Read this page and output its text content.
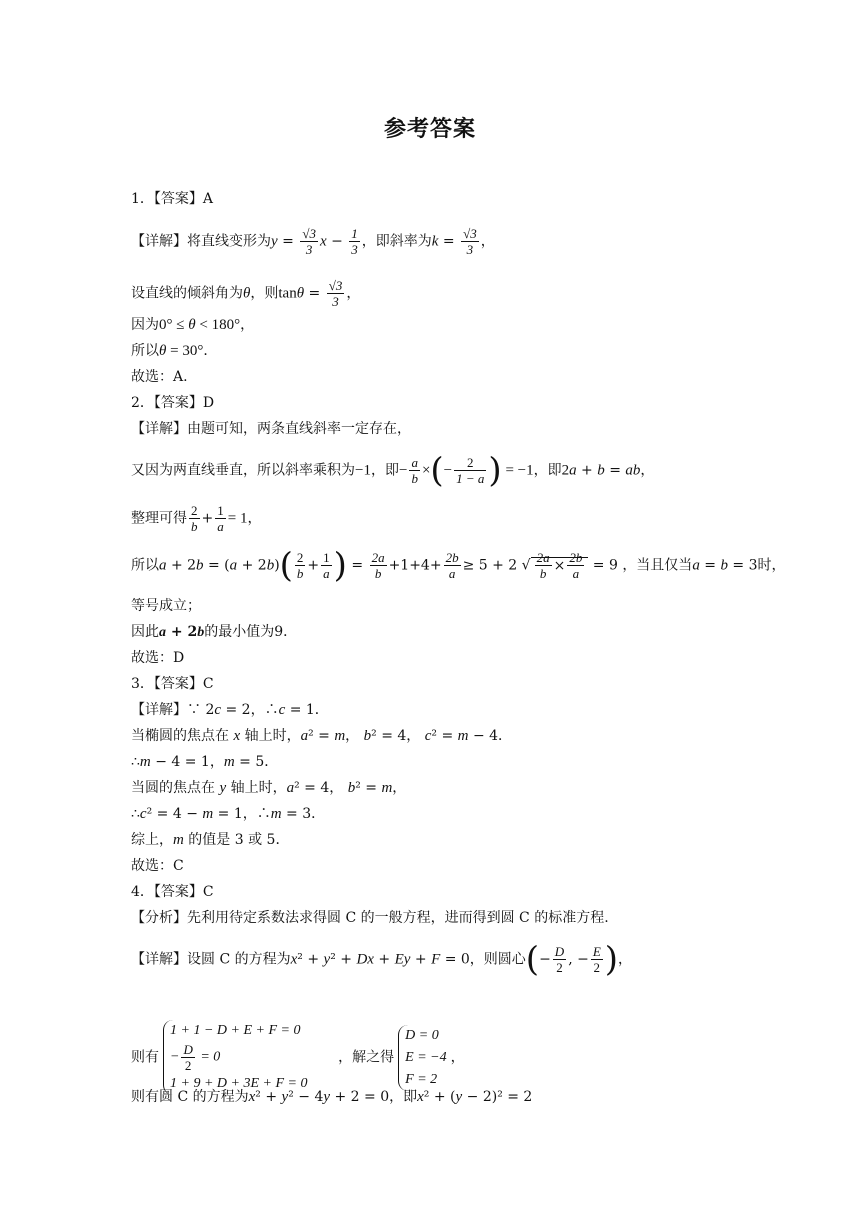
参考答案
1．【答案】A
【详解】将直线变形为$y = \frac{√3}{3}$ $x - \frac{1}{3}$ ，即斜率为$k = \frac{√3}{3}$ ，
设直线的倾斜角为θ，则$\tan\theta = \frac{√3}{3}$ ，
因为0° ≤ θ < 180°，
所以θ = 30°．
故选：A.
2．【答案】D
【详解】由题可知，两条直线斜率一定存在，
又因为两直线垂直，所以斜率乘积为−1，即− $\frac{a}{b}$ ×(− $\frac{2}{1 - a}$ ) = −1，即2a + b = ab，
整理可得 $\frac{2}{b} + \frac{1}{a} = 1$，
所以$a + 2b = (a + 2b)( \frac{2}{b} + \frac{1}{a}$ ) = $\frac{2a}{b} +1+4+ \frac{2b}{a} \ge 5 + 2$ √ $\frac{2a}{b} \times \frac{2b}{a} = 9$ ，当且仅当a = b = 3时，
等号成立；
因此a + 2b的最小值为9．
故选：D
3．【答案】C
【详解】∵ 2c = 2，∴c = 1．
当椭圆的焦点在 x 轴上时，a² = m， b² = 4， c² = m − 4．
∴m − 4 = 1，m = 5．
当圆的焦点在 y 轴上时，a² = 4， b² = m，
∴c² = 4 − m = 1，∴m = 3．
综上，m 的值是 3 或 5．
故选：C
4．【答案】C
【分析】先利用待定系数法求得圆 C 的一般方程，进而得到圆 C 的标准方程.
【详解】设圆 C 的方程为x² + y² + Dx + Ey + F = 0，则圆心(− $\frac{D}{2}$ , − $\frac{E}{2}$ )，
则有
1 + 1 − D + E + F = 0
− $\frac{D}{2} = 0$
1 + 9 + D + 3E + F = 0
，解之得
D = 0
E = −4
F = 2
，
则有圆 C 的方程为x² + y² − 4y + 2 = 0，即x² + (y − 2)² = 2
